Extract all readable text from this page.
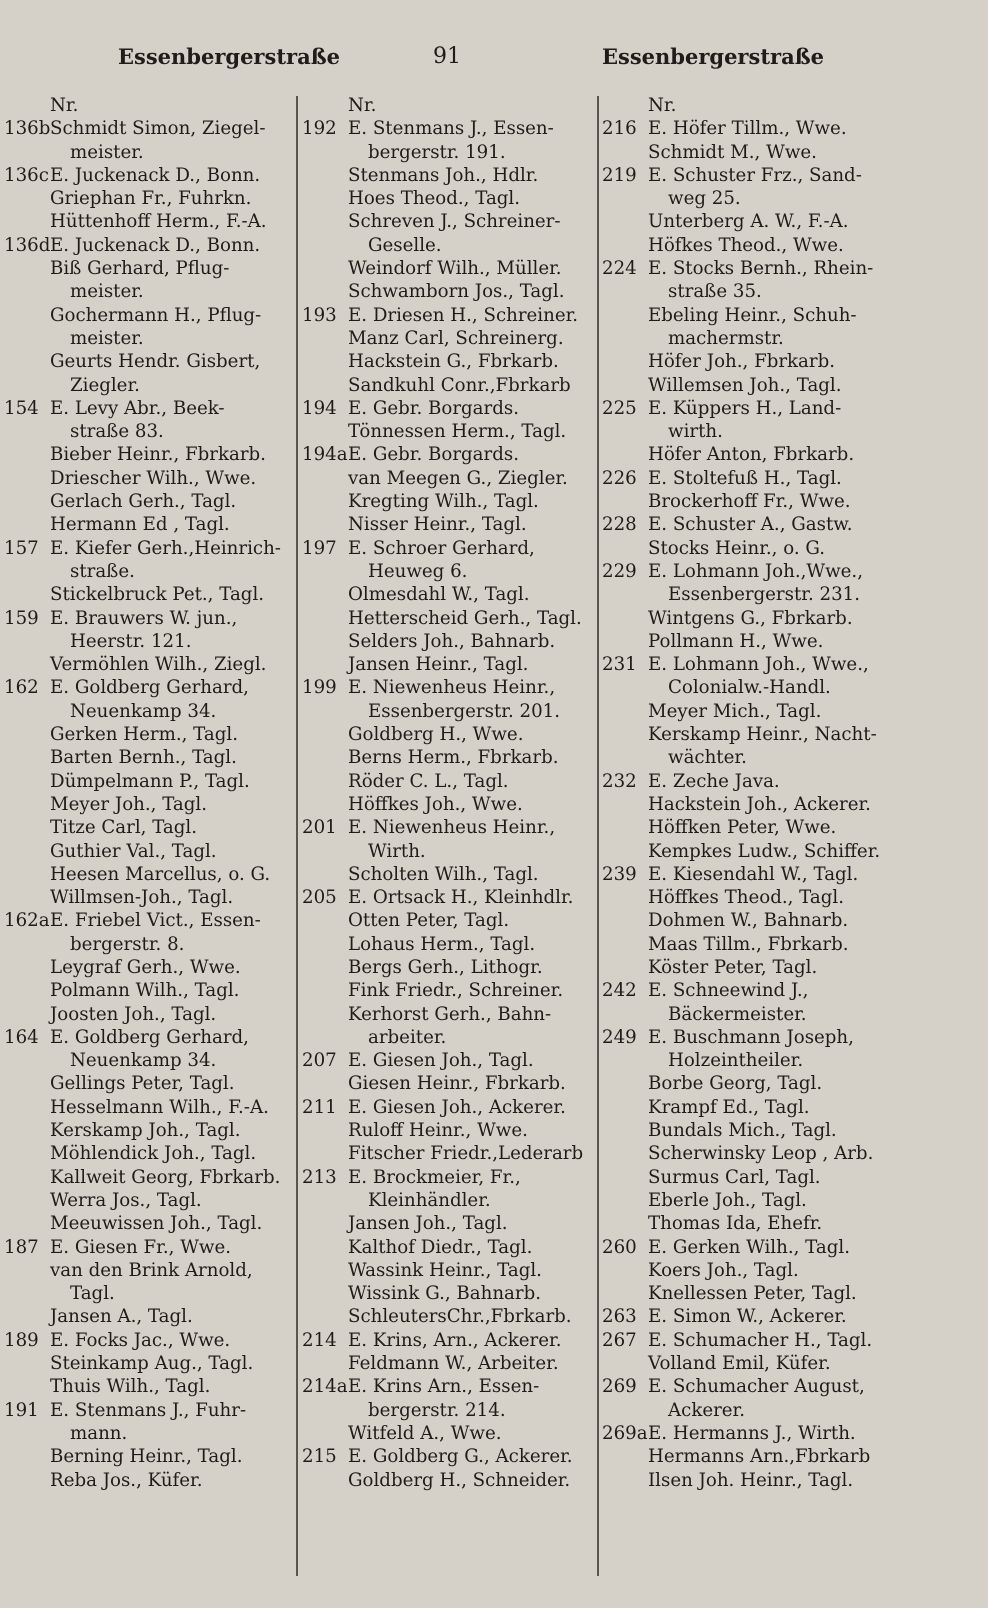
Essenbergerstraße	91	Essenbergerstraße
Nr.
136bSchmidt Simon, Ziegel-
meister.
136cE. Juckenack D., Bonn.
Griephan Fr., Fuhrkn.
Hüttenhoff Herm., F.-A.
136dE. Juckenack D., Bonn.
Biß Gerhard, Pflug-
meister.
Gochermann H., Pflug-
meister.
Geurts Hendr. Gisbert,
Ziegler.
154 E. Levy Abr., Beek-
straße 83.
Bieber Heinr., Fbrkarb.
Driescher Wilh., Wwe.
Gerlach Gerh., Tagl.
Hermann Ed , Tagl.
157 E. Kiefer Gerh.,Heinrich-
straße.
Stickelbruck Pet., Tagl.
159 E. Brauwers W. jun.,
Heerstr. 121.
Vermöhlen Wilh., Ziegl.
162 E. Goldberg Gerhard,
Neuenkamp 34.
Gerken Herm., Tagl.
Barten Bernh., Tagl.
Dümpelmann P., Tagl.
Meyer Joh., Tagl.
Titze Carl, Tagl.
Guthier Val., Tagl.
Heesen Marcellus, o. G.
Willmsen-Joh., Tagl.
162aE. Friebel Vict., Essen-
bergerstr. 8.
Leygraf Gerh., Wwe.
Polmann Wilh., Tagl.
Joosten Joh., Tagl.
164 E. Goldberg Gerhard,
Neuenkamp 34.
Gellings Peter, Tagl.
Hesselmann Wilh., F.-A.
Kerskamp Joh., Tagl.
Möhlendick Joh., Tagl.
Kallweit Georg, Fbrkarb.
Werra Jos., Tagl.
Meeuwissen Joh., Tagl.
187 E. Giesen Fr., Wwe.
van den Brink Arnold,
Tagl.
Jansen A., Tagl.
189 E. Focks Jac., Wwe.
Steinkamp Aug., Tagl.
Thuis Wilh., Tagl.
191 E. Stenmans J., Fuhr-
mann.
Berning Heinr., Tagl.
Reba Jos., Küfer.
Nr.
192 E. Stenmans J., Essen-
bergerstr. 191.
Stenmans Joh., Hdlr.
Hoes Theod., Tagl.
Schreven J., Schreiner-
Geselle.
Weindorf Wilh., Müller.
Schwamborn Jos., Tagl.
193 E. Driesen H., Schreiner.
Manz Carl, Schreinerg.
Hackstein G., Fbrkarb.
Sandkuhl Conr.,Fbrkarb
194 E. Gebr. Borgards.
Tönnessen Herm., Tagl.
194aE. Gebr. Borgards.
van Meegen G., Ziegler.
Kregting Wilh., Tagl.
Nisser Heinr., Tagl.
197 E. Schroer Gerhard,
Heuweg 6.
Olmesdahl W., Tagl.
Hetterscheid Gerh., Tagl.
Selders Joh., Bahnarb.
Jansen Heinr., Tagl.
199 E. Niewenheus Heinr.,
Essenbergerstr. 201.
Goldberg H., Wwe.
Berns Herm., Fbrkarb.
Röder C. L., Tagl.
Höffkes Joh., Wwe.
201 E. Niewenheus Heinr.,
Wirth.
Scholten Wilh., Tagl.
205 E. Ortsack H., Kleinhdlr.
Otten Peter, Tagl.
Lohaus Herm., Tagl.
Bergs Gerh., Lithogr.
Fink Friedr., Schreiner.
Kerhorst Gerh., Bahn-
arbeiter.
207 E. Giesen Joh., Tagl.
Giesen Heinr., Fbrkarb.
211 E. Giesen Joh., Ackerer.
Ruloff Heinr., Wwe.
Fitscher Friedr.,Lederarb
213 E. Brockmeier, Fr.,
Kleinhändler.
Jansen Joh., Tagl.
Kalthof Diedr., Tagl.
Wassink Heinr., Tagl.
Wissink G., Bahnarb.
SchleutersChr.,Fbrkarb.
214 E. Krins, Arn., Ackerer.
Feldmann W., Arbeiter.
214aE. Krins Arn., Essen-
bergerstr. 214.
Witfeld A., Wwe.
215 E. Goldberg G., Ackerer.
Goldberg H., Schneider.
Nr.
216 E. Höfer Tillm., Wwe.
Schmidt M., Wwe.
219 E. Schuster Frz., Sand-
weg 25.
Unterberg A. W., F.-A.
Höfkes Theod., Wwe.
224 E. Stocks Bernh., Rhein-
straße 35.
Ebeling Heinr., Schuh-
machermstr.
Höfer Joh., Fbrkarb.
Willemsen Joh., Tagl.
225 E. Küppers H., Land-
wirth.
Höfer Anton, Fbrkarb.
226 E. Stoltefuß H., Tagl.
Brockerhoff Fr., Wwe.
228 E. Schuster A., Gastw.
Stocks Heinr., o. G.
229 E. Lohmann Joh.,Wwe.,
Essenbergerstr. 231.
Wintgens G., Fbrkarb.
Pollmann H., Wwe.
231 E. Lohmann Joh., Wwe.,
Colonialw.-Handl.
Meyer Mich., Tagl.
Kerskamp Heinr., Nacht-
wächter.
232 E. Zeche Java.
Hackstein Joh., Ackerer.
Höffken Peter, Wwe.
Kempkes Ludw., Schiffer.
239 E. Kiesendahl W., Tagl.
Höffkes Theod., Tagl.
Dohmen W., Bahnarb.
Maas Tillm., Fbrkarb.
Köster Peter, Tagl.
242 E. Schneewind J.,
Bäckermeister.
249 E. Buschmann Joseph,
Holzeintheiler.
Borbe Georg, Tagl.
Krampf Ed., Tagl.
Bundals Mich., Tagl.
Scherwinsky Leop , Arb.
Surmus Carl, Tagl.
Eberle Joh., Tagl.
Thomas Ida, Ehefr.
260 E. Gerken Wilh., Tagl.
Koers Joh., Tagl.
Knellessen Peter, Tagl.
263 E. Simon W., Ackerer.
267 E. Schumacher H., Tagl.
Volland Emil, Küfer.
269 E. Schumacher August,
Ackerer.
269aE. Hermanns J., Wirth.
Hermanns Arn.,Fbrkarb
Ilsen Joh. Heinr., Tagl.
